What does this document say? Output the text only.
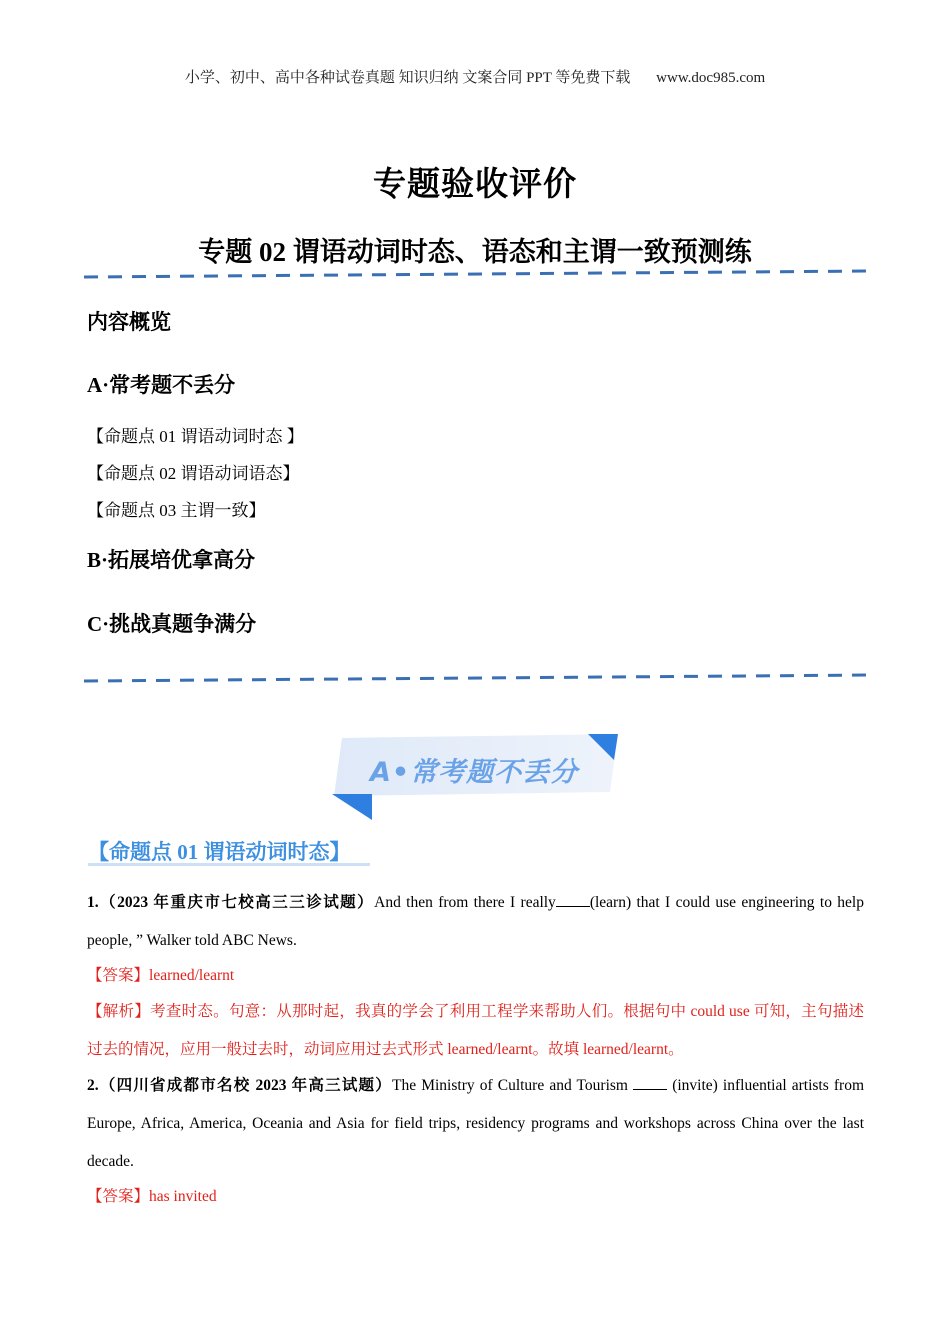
小学、初中、高中各种试卷真题 知识归纳 文案合同 PPT 等免费下载 www.doc985.com
专题验收评价
专题 02 谓语动词时态、语态和主谓一致预测练
内容概览
A·常考题不丢分
【命题点 01 谓语动词时态 】
【命题点 02 谓语动词语态】
【命题点 03 主谓一致】
B·拓展培优拿高分
C·挑战真题争满分
A•常考题不丢分
【命题点 01 谓语动词时态】
1.（2023 年重庆市七校高三三诊试题）And then from there I really (learn) that I could use engineering to help people, ” Walker told ABC News.
【答案】learned/learnt
【解析】考查时态。句意：从那时起，我真的学会了利用工程学来帮助人们。根据句中 could use 可知，主句描述过去的情况，应用一般过去时，动词应用过去式形式 learned/learnt。故填 learned/learnt。
2.（四川省成都市名校 2023 年高三试题）The Ministry of Culture and Tourism	(invite) influential artists from Europe, Africa, America, Oceania and Asia for field trips, residency programs and workshops across China over the last decade.
【答案】has invited
